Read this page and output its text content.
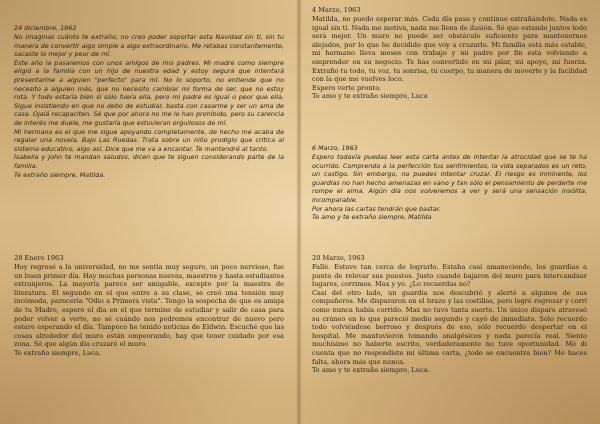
24 diciembre, 1962

No imaginas cuánto te extraño, no creo poder soportar esta Navidad sin ti, sin tu manera de convertir algo simple a algo extraordinario. Me retabas constantemente, sacaste lo mejor y peor de mí.

Este año la pasaremos con unos amigos de mis padres. Mi madre como siempre eligió a la familia con un hijo de nuestra edad y estoy segura que intentará presentarme a alguien "perfecto" para mí. No lo soporto, no entiende que no necesito a alguien más, que no necesito cambiar mi forma de ser, que no estoy rota. Y todo estaría bien si sólo fuera ella, pero mi padre es igual o peor que ella. Sigue insistiendo en que no debo de estudiar, basta con casarme y ser un ama de casa. Ojalá recapaciten. Sé que por ahora no me lo han prohibido, pero su carencia de interés me duele, me gustaría que estuvieran orgullosos de mí.

Mi hermano es el que me sigue apoyando completamente, de hecho me acaba de regalar una novela, Bajo Las Ruedas. Trata sobre un niño prodigio que critica al sistema educativo, algo así. Dice que me va a encantar. Te mantendré al tanto.

Isabella y John te mandan saludos, dicen que te siguen considerando parte de la familia.

Te extraño siempre, Matilda.

28 Enero 1963

Hoy regresé a la universidad, no me sentía muy seguro, un poco nervioso, fue un buen primer día. Hay muchas personas nuevas, maestros y hasta estudiantes extranjeros. La mayoría parece ser amigable, excepto por la maestra de literatura. El segundo en el que entre a su clase, se creó una tensión muy incómoda, parecería "Odio a Primera vista". Tengo la sospecha de que es amiga de tu Madre, espero el día en el que termine de estudiar y salir de casa para poder volver a verte, no sé cuándo nos podremos encontrar de nuevo pero estare esperando el día. Tampoco he tenido noticias de Eldwin. Escuché que las cosas alrededor del muro están empeorando, hay que tener cuidado por esa zona. Sé que algún día cruzaré el muro.

Te extraño siempre, Luca.

4 Marzo, 1963

Matilda, no puedo esperar más. Cada día pasa y continuo extrañándote. Nada es igual sin ti. Nada me motiva, nada me llena de ilusión. Sé que estando juntos todo será mejor. Un muro no puede ser obstáculo suficiente para mantenernos alejados, por lo que he decidido que voy a cruzarlo. Mi familia está más estable, mi hermano lleva meses con trabajo y mi padre por fin está volviendo a emprender en su negocio. Te has convertido en mi pilar, mi apoyo, mi fuerza. Extraño tu todo, tu voz, tu sonrisa, tu cuerpo, tu manera de moverte y la facilidad con la que me vuelves loco.

Espero verte pronto.

Te amo y te extraño siempre, Luca

6 Marzo, 1963

Espero todavía puedas leer esta carta antes de intentar la atrocidad que se te ha ocurrido. Comprendo a la perfección tus sentimientos, la vida separados es un reto, un castigo. Sin embargo, no puedes intentar cruzar. El riesgo es inminente, los guardias no han hecho amenazas en vano y tan sólo el pensamiento de perderte me rompe el alma. Algún día nos volveremos a ver y será una sensación insólita, incomparable.

Por ahora las cartas tendrán que bastar.

Te amo y te extraño siempre, Matilda

20 Marzo, 1963

Fallé. Estuve tan cerca de lograrlo. Estaba casi amaneciendo, los guardias a punto de relevar sus puestos. Justo cuando bajaron del muro para intercambiar lugares, corrimos. Max y yo. ¿Lo recuerdas no?

Casi del otro lado, un guardia nos descubrió y alertó a algunos de sus compañeros. Me dispararon en el brazo y las costillas, pero logré regresar y corrí como nunca había corrido. Max no tuvo tanta suerte. Un único disparo atravesó su cráneo en lo que pareció medio segundo y cayó de inmediato. Sólo recuerdo todo volviéndose borroso y después de eso, sólo recuerdo despertar en el hospital. Me mantuvieron tomando analgésicos y nada parecía real. Siento muchísimo no haberte escrito, verdaderamente no tuve oportunidad. Me di cuenta que no respondiste mi última carta, ¿todo se encuentra bien? Me haces falta, ahora más que nunca.

Te amo y te extraño siempre, Luca.
